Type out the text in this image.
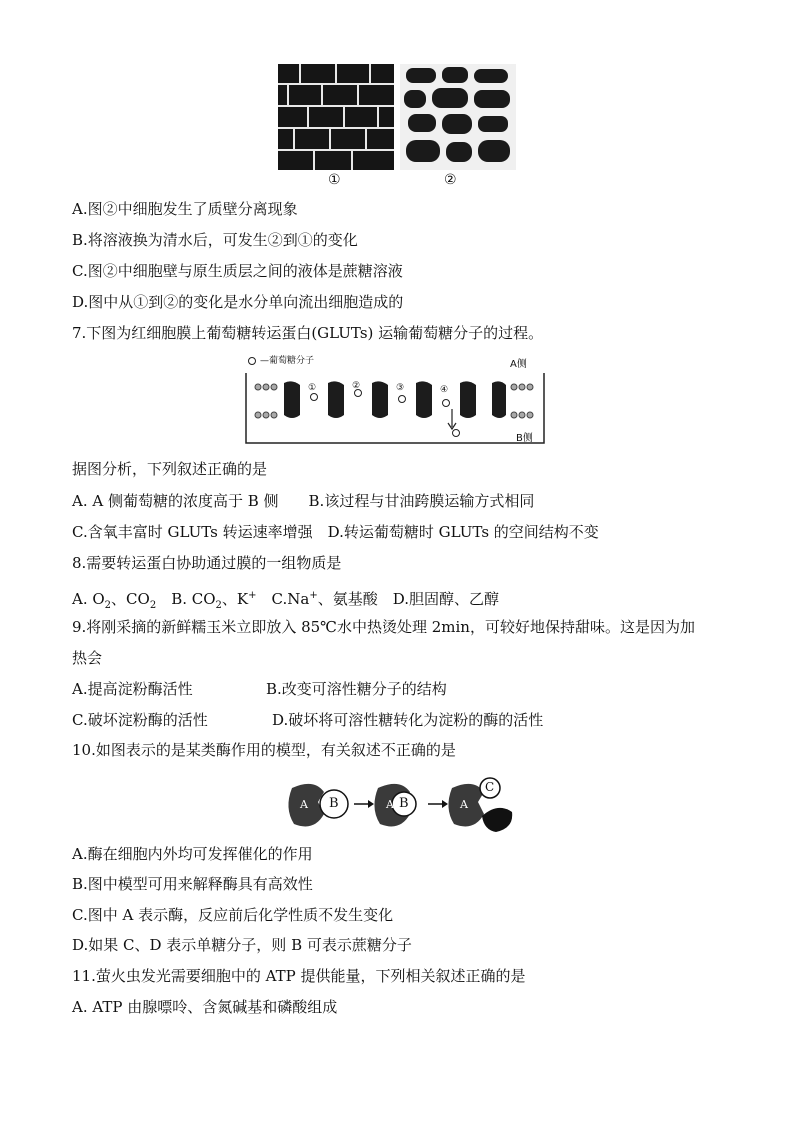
①	②
A.图②中细胞发生了质壁分离现象
B.将溶液换为清水后，可发生②到①的变化
C.图②中细胞壁与原生质层之间的液体是蔗糖溶液
D.图中从①到②的变化是水分单向流出细胞造成的
7.下图为红细胞膜上葡萄糖转运蛋白(GLUTs) 运输葡萄糖分子的过程。
—葡萄糖分子	A侧
B侧
①	②	③	④
据图分析，下列叙述正确的是
A. A 侧葡萄糖的浓度高于 B 侧　　B.该过程与甘油跨膜运输方式相同
C.含氧丰富时 GLUTs 转运速率增强　D.转运葡萄糖时 GLUTs 的空间结构不变
8.需要转运蛋白协助通过膜的一组物质是
A. $O_2$、$CO_2$　B. $CO_2$、K+　C.Na+、氨基酸　D.胆固醇、乙醇
9.将刚采摘的新鲜糯玉米立即放入 85℃水中热烫处理 2min，可较好地保持甜味。这是因为加
热会
A.提高淀粉酶活性	B.改变可溶性糖分子的结构
C.破坏淀粉酶的活性	D.破坏将可溶性糖转化为淀粉的酶的活性
10.如图表示的是某类酶作用的模型，有关叙述不正确的是
A B	A B	A
C
A.酶在细胞内外均可发挥催化的作用
B.图中模型可用来解释酶具有高效性
C.图中 A 表示酶，反应前后化学性质不发生变化
D.如果 C、D 表示单糖分子，则 B 可表示蔗糖分子
11.萤火虫发光需要细胞中的 ATP 提供能量，下列相关叙述正确的是
A. ATP 由腺嘌呤、含氮碱基和磷酸组成
